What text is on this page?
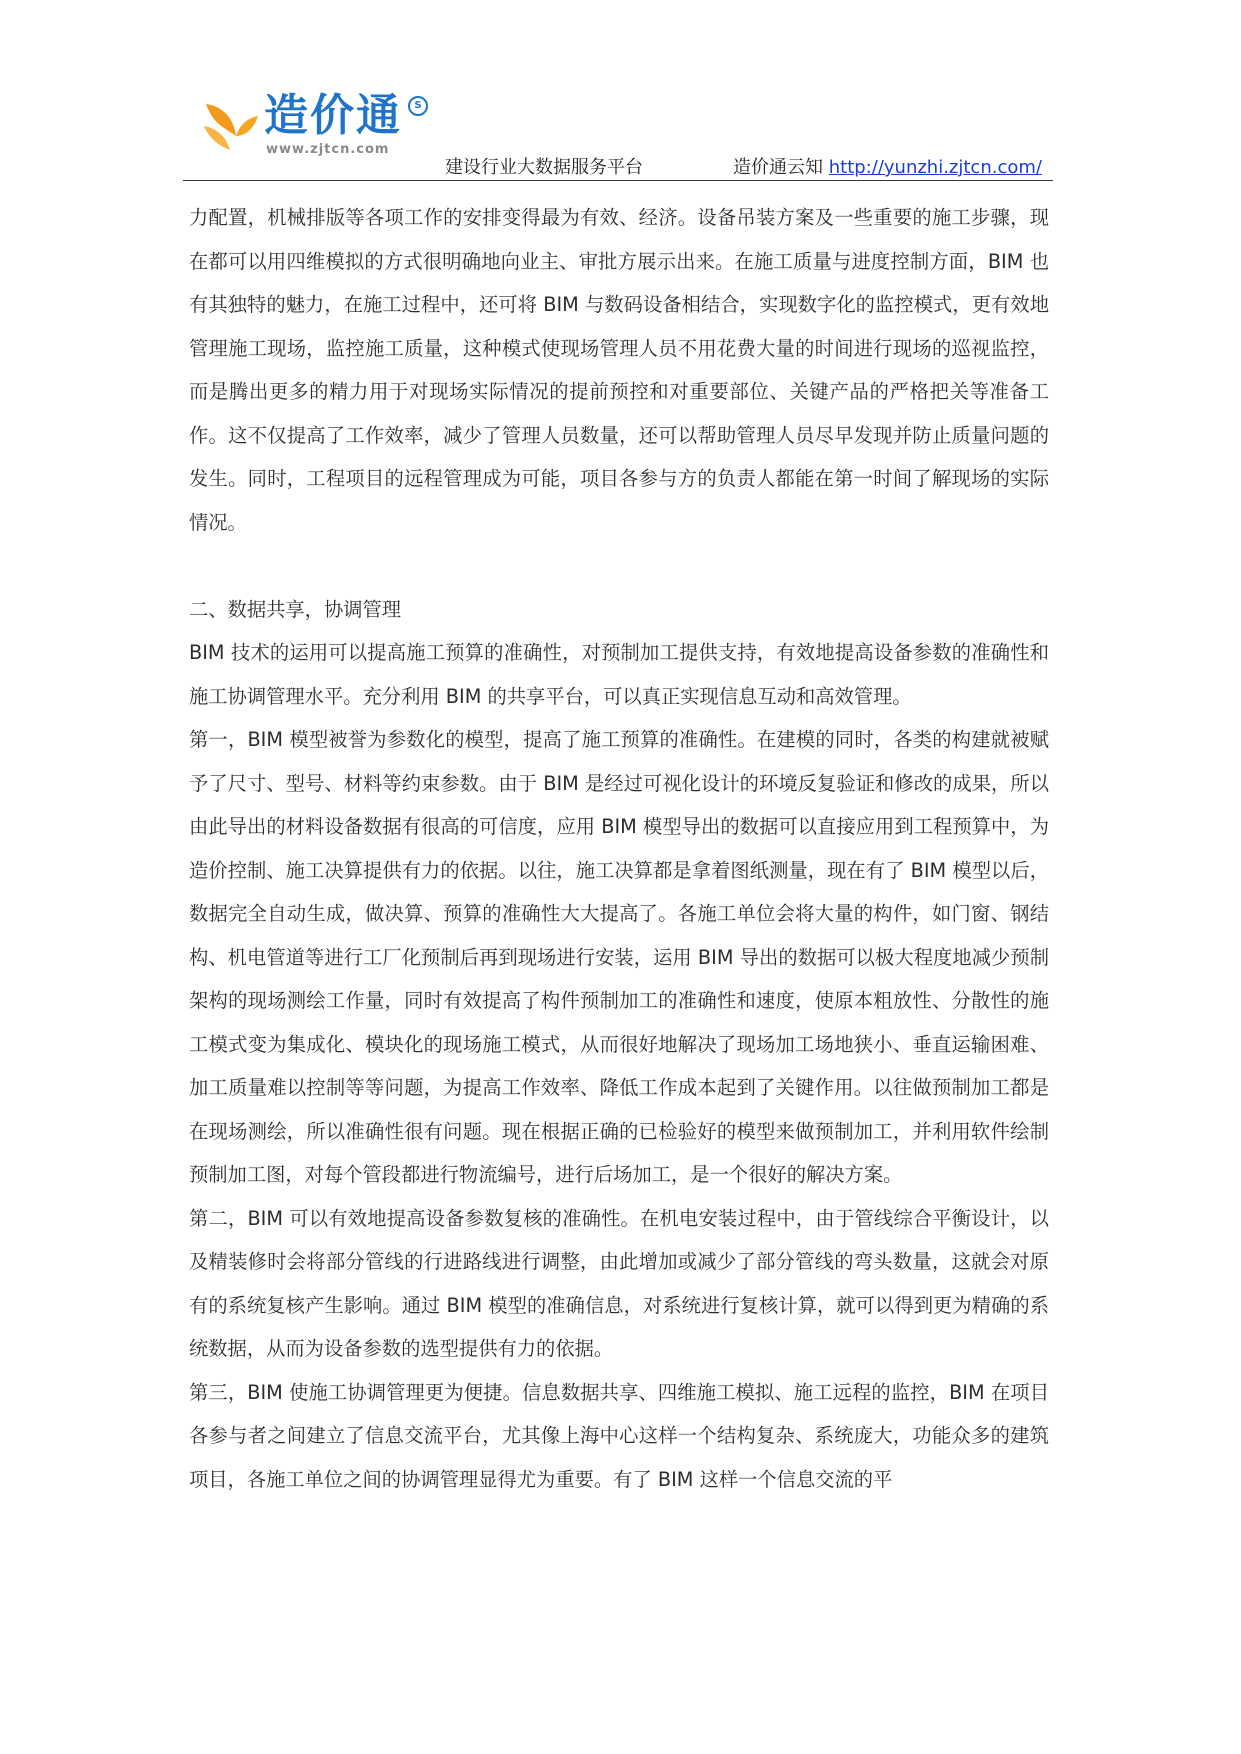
造价通	S
www.zjtcn.com
建设行业大数据服务平台	造价通云知 http://yunzhi.zjtcn.com/

力配置，机械排版等各项工作的安排变得最为有效、经济。设备吊装方案及一些重要的施工步骤，现在都可以用四维模拟的方式很明确地向业主、审批方展示出来。在施工质量与进度控制方面，BIM 也有其独特的魅力，在施工过程中，还可将 BIM 与数码设备相结合，实现数字化的监控模式，更有效地管理施工现场，监控施工质量，这种模式使现场管理人员不用花费大量的时间进行现场的巡视监控，而是腾出更多的精力用于对现场实际情况的提前预控和对重要部位、关键产品的严格把关等准备工作。这不仅提高了工作效率，减少了管理人员数量，还可以帮助管理人员尽早发现并防止质量问题的发生。同时，工程项目的远程管理成为可能，项目各参与方的负责人都能在第一时间了解现场的实际情况。

二、数据共享，协调管理

BIM 技术的运用可以提高施工预算的准确性，对预制加工提供支持，有效地提高设备参数的准确性和施工协调管理水平。充分利用 BIM 的共享平台，可以真正实现信息互动和高效管理。

第一，BIM 模型被誉为参数化的模型，提高了施工预算的准确性。在建模的同时，各类的构建就被赋予了尺寸、型号、材料等约束参数。由于 BIM 是经过可视化设计的环境反复验证和修改的成果，所以由此导出的材料设备数据有很高的可信度，应用 BIM 模型导出的数据可以直接应用到工程预算中，为造价控制、施工决算提供有力的依据。以往，施工决算都是拿着图纸测量，现在有了 BIM 模型以后，数据完全自动生成，做决算、预算的准确性大大提高了。各施工单位会将大量的构件，如门窗、钢结构、机电管道等进行工厂化预制后再到现场进行安装，运用 BIM 导出的数据可以极大程度地减少预制架构的现场测绘工作量，同时有效提高了构件预制加工的准确性和速度，使原本粗放性、分散性的施工模式变为集成化、模块化的现场施工模式，从而很好地解决了现场加工场地狭小、垂直运输困难、加工质量难以控制等等问题，为提高工作效率、降低工作成本起到了关键作用。以往做预制加工都是在现场测绘，所以准确性很有问题。现在根据正确的已检验好的模型来做预制加工，并利用软件绘制预制加工图，对每个管段都进行物流编号，进行后场加工，是一个很好的解决方案。

第二，BIM 可以有效地提高设备参数复核的准确性。在机电安装过程中，由于管线综合平衡设计，以及精装修时会将部分管线的行进路线进行调整，由此增加或减少了部分管线的弯头数量，这就会对原有的系统复核产生影响。通过 BIM 模型的准确信息，对系统进行复核计算，就可以得到更为精确的系统数据，从而为设备参数的选型提供有力的依据。

第三，BIM 使施工协调管理更为便捷。信息数据共享、四维施工模拟、施工远程的监控，BIM 在项目各参与者之间建立了信息交流平台，尤其像上海中心这样一个结构复杂、系统庞大，功能众多的建筑项目，各施工单位之间的协调管理显得尤为重要。有了 BIM 这样一个信息交流的平
